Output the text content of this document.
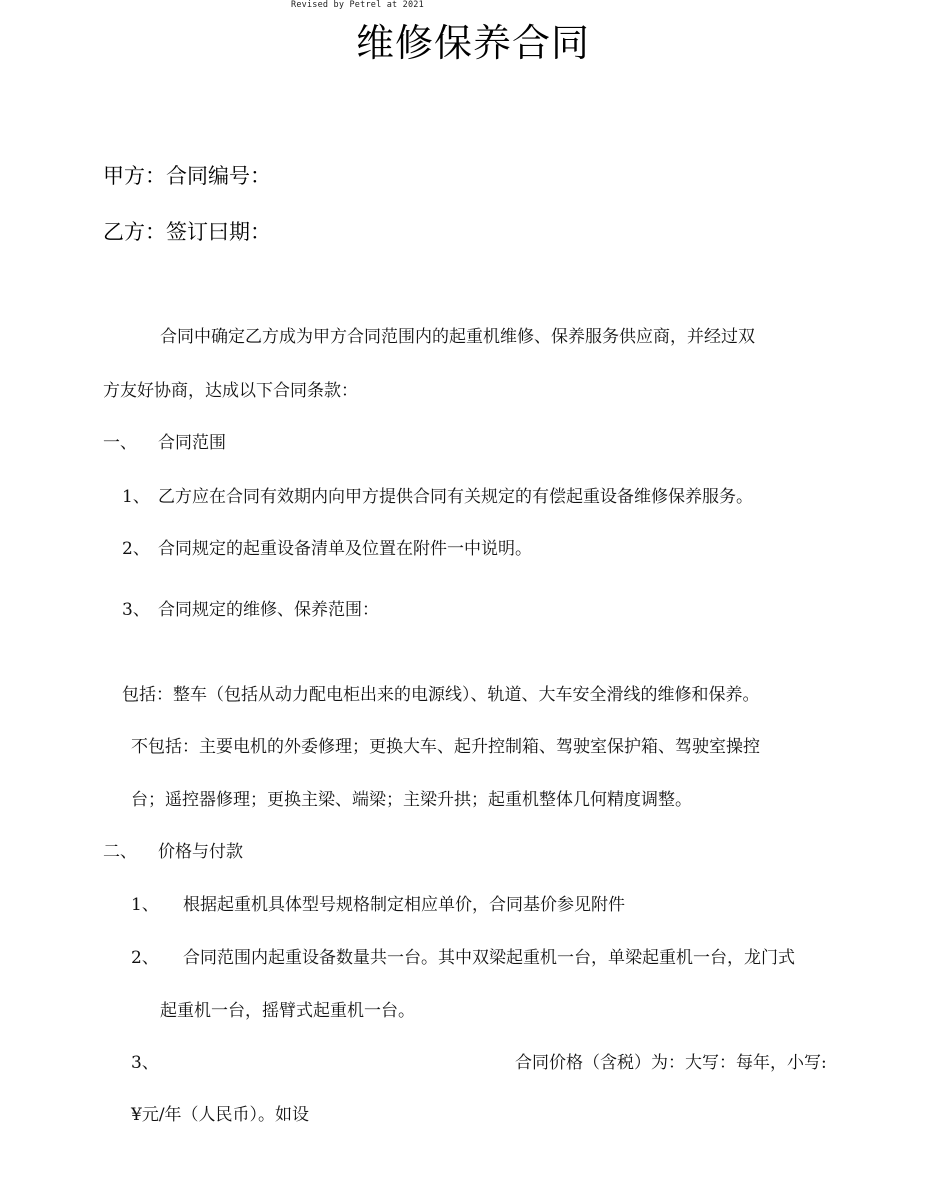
Revised by Petrel at 2021
维修保养合同
甲方：合同编号：
乙方：签订曰期：
合同中确定乙方成为甲方合同范围内的起重机维修、保养服务供应商，并经过双
方友好协商，达成以下合同条款：
一、 合同范围
1、 乙方应在合同有效期内向甲方提供合同有关规定的有偿起重设备维修保养服务。
2、 合同规定的起重设备清单及位置在附件一中说明。
3、 合同规定的维修、保养范围：
包括：整车（包括从动力配电柜出来的电源线）、轨道、大车安全滑线的维修和保养。
不包括：主要电机的外委修理；更换大车、起升控制箱、驾驶室保护箱、驾驶室操控
台；遥控器修理；更换主梁、端梁；主梁升拱；起重机整体几何精度调整。
二、 价格与付款
1、 根据起重机具体型号规格制定相应单价，合同基价参见附件
2、 合同范围内起重设备数量共一台。其中双梁起重机一台，单梁起重机一台，龙门式
起重机一台，摇臂式起重机一台。
3、	合同价格（含税）为：大写：每年，小写:
¥元/年（人民币）。如设
